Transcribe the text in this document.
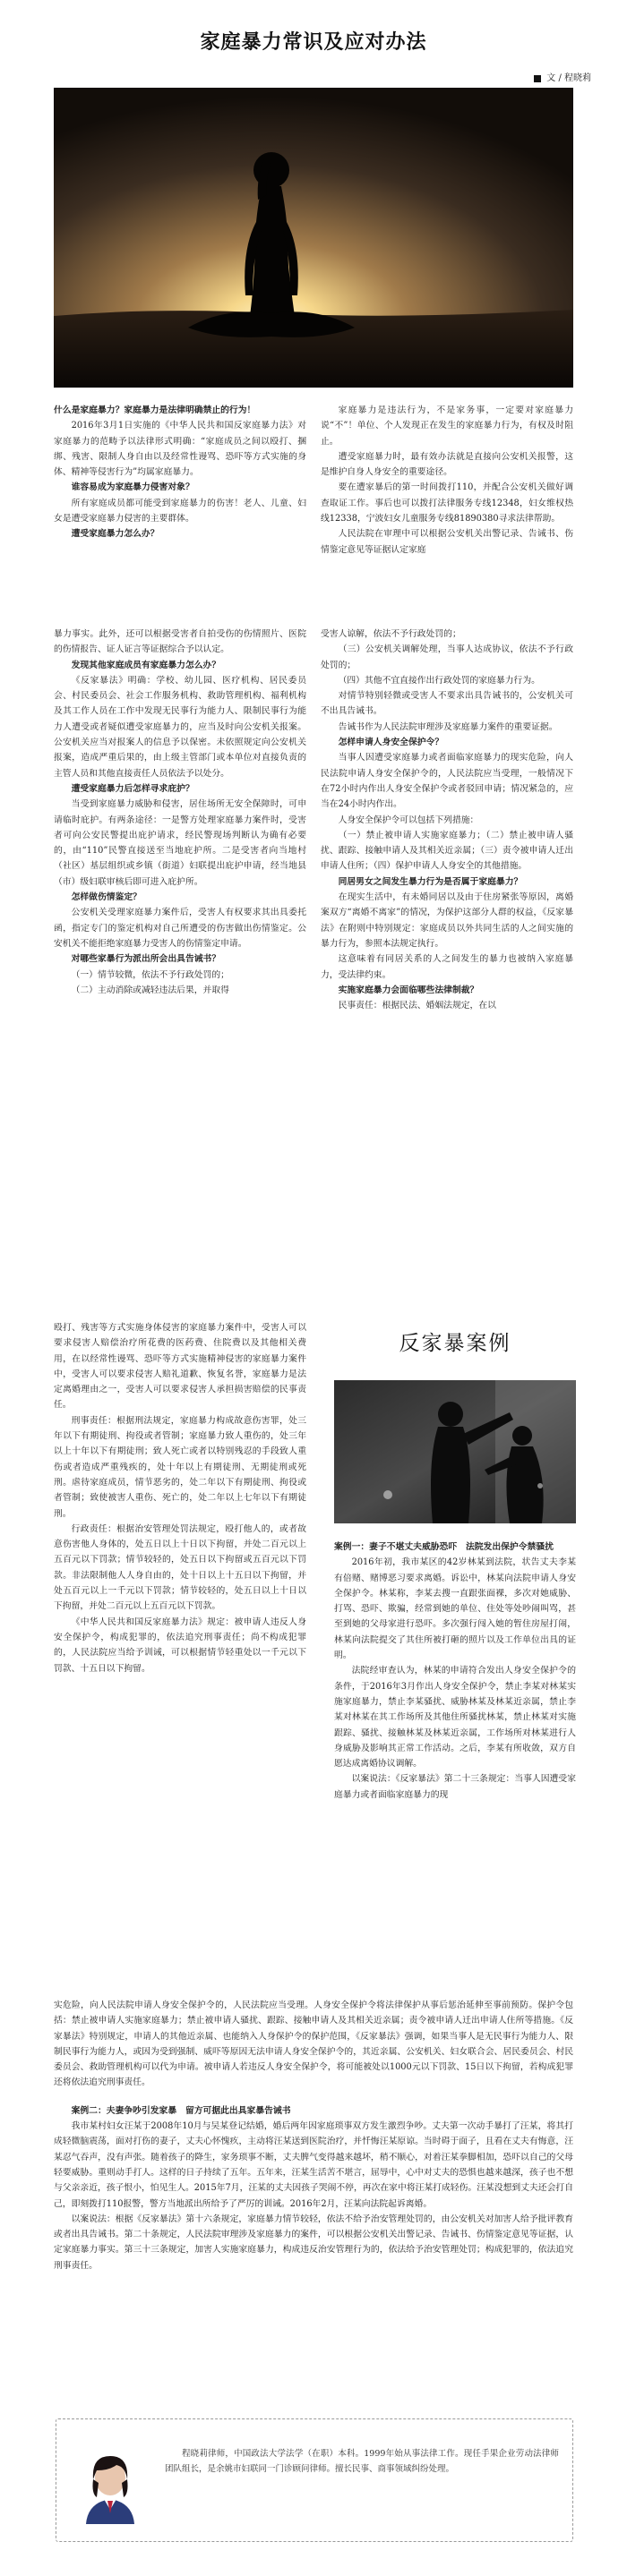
家庭暴力常识及应对办法
文 / 程晓莉

什么是家庭暴力？家庭暴力是法律明确禁止的行为！

2016年3月1日实施的《中华人民共和国反家庭暴力法》对家庭暴力的范畴予以法律形式明确：“家庭成员之间以殴打、捆绑、残害、限制人身自由以及经常性谩骂、恐吓等方式实施的身体、精神等侵害行为”均属家庭暴力。

谁容易成为家庭暴力侵害对象？

所有家庭成员都可能受到家庭暴力的伤害！老人、儿童、妇女是遭受家庭暴力侵害的主要群体。

遭受家庭暴力怎么办？

家庭暴力是违法行为，不是家务事，一定要对家庭暴力说“不”！单位、个人发现正在发生的家庭暴力行为，有权及时阻止。

遭受家庭暴力时，最有效办法就是直接向公安机关报警，这是维护自身人身安全的重要途径。

要在遭家暴后的第一时间拨打110，并配合公安机关做好调查取证工作。事后也可以拨打法律服务专线12348，妇女维权热线12338，宁波妇女儿童服务专线81890380寻求法律帮助。

人民法院在审理中可以根据公安机关出警记录、告诫书、伤情鉴定意见等证据认定家庭

暴力事实。此外，还可以根据受害者自拍受伤的伤情照片、医院的伤情报告、证人证言等证据综合予以认定。

发现其他家庭成员有家庭暴力怎么办？

《反家暴法》明确：学校、幼儿园、医疗机构、居民委员会、村民委员会、社会工作服务机构、救助管理机构、福利机构及其工作人员在工作中发现无民事行为能力人、限制民事行为能力人遭受或者疑似遭受家庭暴力的，应当及时向公安机关报案。公安机关应当对报案人的信息予以保密。未依照规定向公安机关报案，造成严重后果的，由上级主管部门或本单位对直接负责的主管人员和其他直接责任人员依法予以处分。

遭受家庭暴力后怎样寻求庇护？

当受到家庭暴力威胁和侵害，居住场所无安全保障时，可申请临时庇护。有两条途径：一是警方处理家庭暴力案件时，受害者可向公安民警提出庇护请求，经民警现场判断认为确有必要的，由“110”民警直接送至当地庇护所。二是受害者向当地村（社区）基层组织或乡镇（街道）妇联提出庇护申请，经当地县（市）级妇联审核后即可进入庇护所。

怎样做伤情鉴定？

公安机关受理家庭暴力案件后，受害人有权要求其出具委托函，指定专门的鉴定机构对自己所遭受的伤害做出伤情鉴定。公安机关不能拒绝家庭暴力受害人的伤情鉴定申请。

对哪些家暴行为派出所会出具告诫书？

（一）情节较微，依法不予行政处罚的；

（二）主动消除或减轻违法后果，并取得

受害人谅解，依法不予行政处罚的；

（三）公安机关调解处理，当事人达成协议，依法不予行政处罚的；

（四）其他不宜直接作出行政处罚的家庭暴力行为。

对情节特别轻微或受害人不要求出具告诫书的，公安机关可不出具告诫书。

告诫书作为人民法院审理涉及家庭暴力案件的重要证据。

怎样申请人身安全保护令？

当事人因遭受家庭暴力或者面临家庭暴力的现实危险，向人民法院申请人身安全保护令的，人民法院应当受理，一般情况下在72小时内作出人身安全保护令或者驳回申请；情况紧急的，应当在24小时内作出。

人身安全保护令可以包括下列措施：

（一）禁止被申请人实施家庭暴力；（二）禁止被申请人骚扰、跟踪、接触申请人及其相关近亲属；（三）责令被申请人迁出申请人住所；（四）保护申请人人身安全的其他措施。

同居男女之间发生暴力行为是否属于家庭暴力？

在现实生活中，有未婚同居以及由于住房紧张等原因，离婚案双方“离婚不离家”的情况，为保护这部分人群的权益，《反家暴法》在附则中特别规定：家庭成员以外共同生活的人之间实施的暴力行为，参照本法规定执行。

这意味着有同居关系的人之间发生的暴力也被纳入家庭暴力，受法律约束。

实施家庭暴力会面临哪些法律制裁？

民事责任：根据民法、婚姻法规定，在以

殴打、残害等方式实施身体侵害的家庭暴力案件中，受害人可以要求侵害人赔偿治疗所花费的医药费、住院费以及其他相关费用，在以经常性谩骂、恐吓等方式实施精神侵害的家庭暴力案件中，受害人可以要求侵害人赔礼道歉、恢复名誉，家庭暴力是法定离婚理由之一，受害人可以要求侵害人承担损害赔偿的民事责任。

刑事责任：根据刑法规定，家庭暴力构成故意伤害罪，处三年以下有期徒刑、拘役或者管制；家庭暴力致人重伤的，处三年以上十年以下有期徒刑；致人死亡或者以特别残忍的手段致人重伤或者造成严重残疾的，处十年以上有期徒刑、无期徒刑或死刑。虐待家庭成员，情节恶劣的，处二年以下有期徒刑、拘役或者管制；致使被害人重伤、死亡的，处二年以上七年以下有期徒刑。

行政责任：根据治安管理处罚法规定，殴打他人的，或者故意伤害他人身体的，处五日以上十日以下拘留，并处二百元以上五百元以下罚款；情节较轻的，处五日以下拘留或五百元以下罚款。非法限制他人人身自由的，处十日以上十五日以下拘留，并处五百元以上一千元以下罚款；情节较轻的，处五日以上十日以下拘留，并处二百元以上五百元以下罚款。

《中华人民共和国反家庭暴力法》规定：被申请人违反人身安全保护令，构成犯罪的，依法追究刑事责任；尚不构成犯罪的，人民法院应当给予训诫，可以根据情节轻重处以一千元以下罚款、十五日以下拘留。

反家暴案例

案例一：妻子不堪丈夫威胁恐吓　法院发出保护令禁骚扰

2016年初，我市某区的42岁林某到法院，状告丈夫李某有倍赌、赌博恶习要求离婚。诉讼中，林某向法院申请人身安全保护令。林某称，李某去搜一直跟张面裸，多次对她威胁、打骂、恐吓、欺骗，经常到她的单位、住处等处吵闹叫骂，甚至到她的父母家进行恐吓。多次强行闯入她的暂住房屋打闹，林某向法院提交了其住所被打砸的照片以及工作单位出具的证明。

法院经审查认为，林某的申请符合发出人身安全保护令的条件，于2016年3月作出人身安全保护令，禁止李某对林某实施家庭暴力，禁止李某骚扰、威胁林某及林某近亲属，禁止李某对林某在其工作场所及其他住所骚扰林某，禁止林某对实施跟踪、骚扰、接触林某及林某近亲属，工作场所对林某进行人身威胁及影响其正常工作活动。之后，李某有所收敛，双方自愿达成离婚协议调解。

以案说法：《反家暴法》第二十三条规定：当事人因遭受家庭暴力或者面临家庭暴力的现

实危险，向人民法院申请人身安全保护令的，人民法院应当受理。人身安全保护令将法律保护从事后惩治延伸至事前预防。保护令包括：禁止被申请人实施家庭暴力；禁止被申请人骚扰、跟踪、接触申请人及其相关近亲属；责令被申请人迁出申请人住所等措施。《反家暴法》特别规定，申请人的其他近亲属、也能纳入人身保护令的保护范围，《反家暴法》强调，如果当事人是无民事行为能力人、限制民事行为能力人，或因为受到强制、威吓等原因无法申请人身安全保护令的，其近亲属、公安机关、妇女联合会、居民委员会、村民委员会、救助管理机构可以代为申请。被申请人若违反人身安全保护令，将可能被处以1000元以下罚款、15日以下拘留，若构成犯罪还将依法追究刑事责任。

案例二：夫妻争吵引发家暴　留方可据此出具家暴告诫书

我市某村妇女汪某于2008年10月与吴某登记结婚，婚后两年因家庭琐事双方发生激烈争吵。丈夫第一次动手暴打了汪某，将其打成轻微脑震荡，面对打伤的妻子，丈夫心怀愧疚，主动将汪某送到医院治疗，并忏悔汪某原谅。当时碍于面子，且看在丈夫有悔意，汪某忍气吞声，没有声张。随着孩子的降生，家务琐事不断，丈夫脾气变得越来越坏，稍不顺心，对着汪某拳脚相加，恐吓以自己的父母轻要威胁。重则动手打人。这样的日子持续了五年。五年来，汪某生活苦不堪言，屈辱中，心中对丈夫的恐惧也越来越深，孩子也不想与父亲亲近，孩子恨小，怕见生人。2015年7月，汪某的丈夫因孩子哭闹不停，再次在家中将汪某打成轻伤。汪某没想到丈夫还会打自己，即刻拨打110报警，警方当地派出所给予了严厉的训诫。2016年2月，汪某向法院起诉离婚。

以案说法：根据《反家暴法》第十六条规定，家庭暴力情节较轻，依法不给予治安管理处罚的，由公安机关对加害人给予批评教育或者出具告诫书。第二十条规定，人民法院审理涉及家庭暴力的案件，可以根据公安机关出警记录、告诫书、伤情鉴定意见等证据，认定家庭暴力事实。第三十三条规定，加害人实施家庭暴力，构成违反治安管理行为的，依法给予治安管理处罚；构成犯罪的，依法追究刑事责任。

程晓莉律师，中国政法大学法学（在职）本科。1999年始从事法律工作。现任手果企业劳动法律师团队组长，是余姚市妇联同一门诊顾问律师。擅长民事、商事领域纠纷处理。
